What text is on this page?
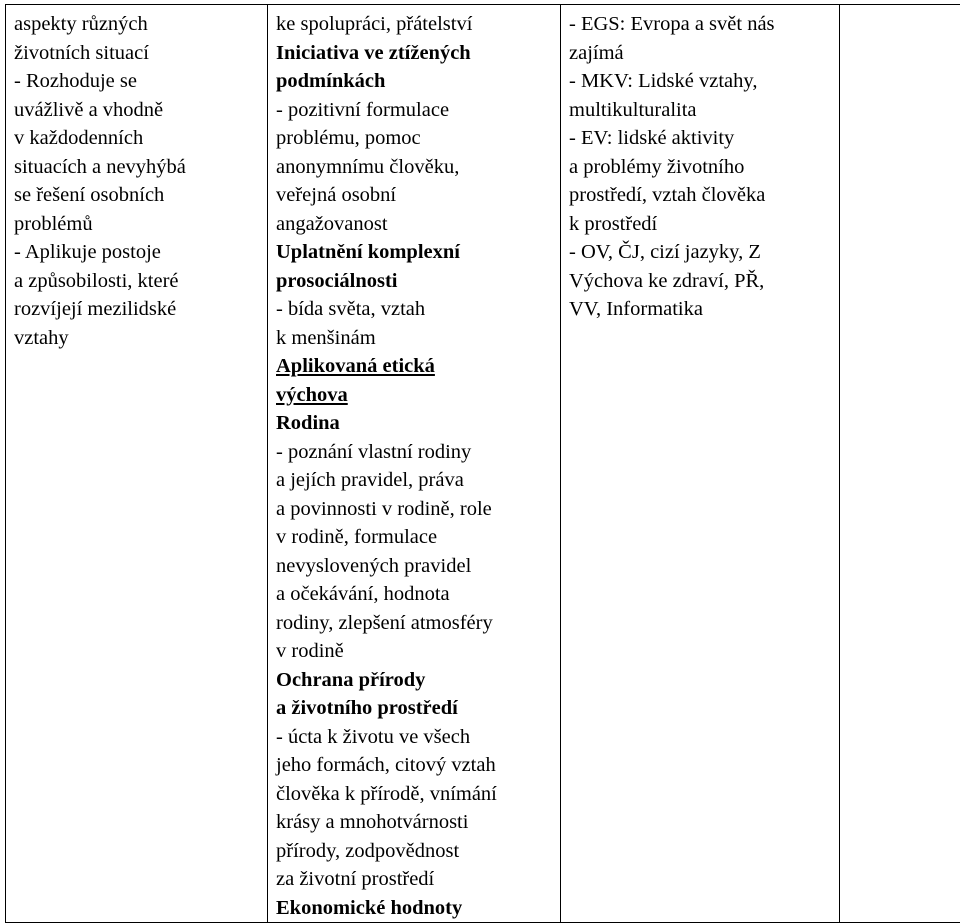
aspekty různých
životních situací
- Rozhoduje se
uvážlivě a vhodně
v každodenních
situacích a nevyhýbá
se řešení osobních
problémů
- Aplikuje postoje
a způsobilosti, které
rozvíjejí mezilidské
vztahy

ke spolupráci, přátelství
Iniciativa ve ztížených
podmínkách
- pozitivní formulace
problému, pomoc
anonymnímu člověku,
veřejná osobní
angažovanost
Uplatnění komplexní
prosociálnosti
- bída světa, vztah
k menšinám
Aplikovaná etická
výchova
Rodina
- poznání vlastní rodiny
a jejích pravidel, práva
a povinnosti v rodině, role
v rodině, formulace
nevyslovených pravidel
a očekávání, hodnota
rodiny, zlepšení atmosféry
v rodině
Ochrana přírody
a životního prostředí
- úcta k životu ve všech
jeho formách, citový vztah
člověka k přírodě, vnímání
krásy a mnohotvárnosti
přírody, zodpovědnost
za životní prostředí
Ekonomické hodnoty

- EGS: Evropa a svět nás
zajímá
- MKV: Lidské vztahy,
multikulturalita
- EV: lidské aktivity
a problémy životního
prostředí, vztah člověka
k prostředí
- OV, ČJ, cizí jazyky, Z
Výchova ke zdraví, PŘ,
VV, Informatika
